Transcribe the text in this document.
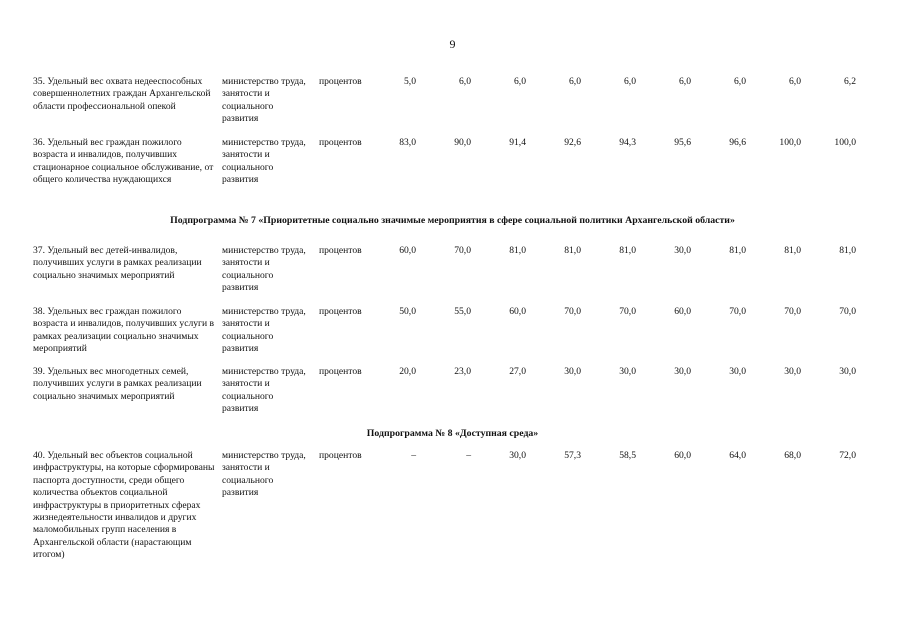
9
35. Удельный вес охвата недееспособных совершеннолетних граждан Архангельской области профессиональной опекой
министерство труда, занятости и социального развития
процентов	5,0	6,0	6,0	6,0	6,0	6,0	6,0	6,0	6,2
36. Удельный вес граждан пожилого возраста и инвалидов, получивших стационарное социальное обслуживание, от общего количества нуждающихся
министерство труда, занятости и социального развития
процентов	83,0	90,0	91,4	92,6	94,3	95,6	96,6	100,0	100,0
Подпрограмма № 7 «Приоритетные социально значимые мероприятия в сфере социальной политики Архангельской области»
37. Удельный вес детей-инвалидов, получивших услуги в рамках реализации социально значимых мероприятий
министерство труда, занятости и социального развития
процентов	60,0	70,0	81,0	81,0	81,0	30,0	81,0	81,0	81,0
38. Удельных вес граждан пожилого возраста и инвалидов, получивших услуги в рамках реализации социально значимых мероприятий
министерство труда, занятости и социального развития
процентов	50,0	55,0	60,0	70,0	70,0	60,0	70,0	70,0	70,0
39. Удельных вес многодетных семей, получивших услуги в рамках реализации социально значимых мероприятий
министерство труда, занятости и социального развития
процентов	20,0	23,0	27,0	30,0	30,0	30,0	30,0	30,0	30,0
Подпрограмма № 8 «Доступная среда»
40. Удельный вес объектов социальной инфраструктуры, на которые сформированы паспорта доступности, среди общего количества объектов социальной инфраструктуры в приоритетных сферах жизнедеятельности инвалидов и других маломобильных групп населения в Архангельской области (нарастающим итогом)
министерство труда, занятости и социального развития
процентов	–	–	30,0	57,3	58,5	60,0	64,0	68,0	72,0
